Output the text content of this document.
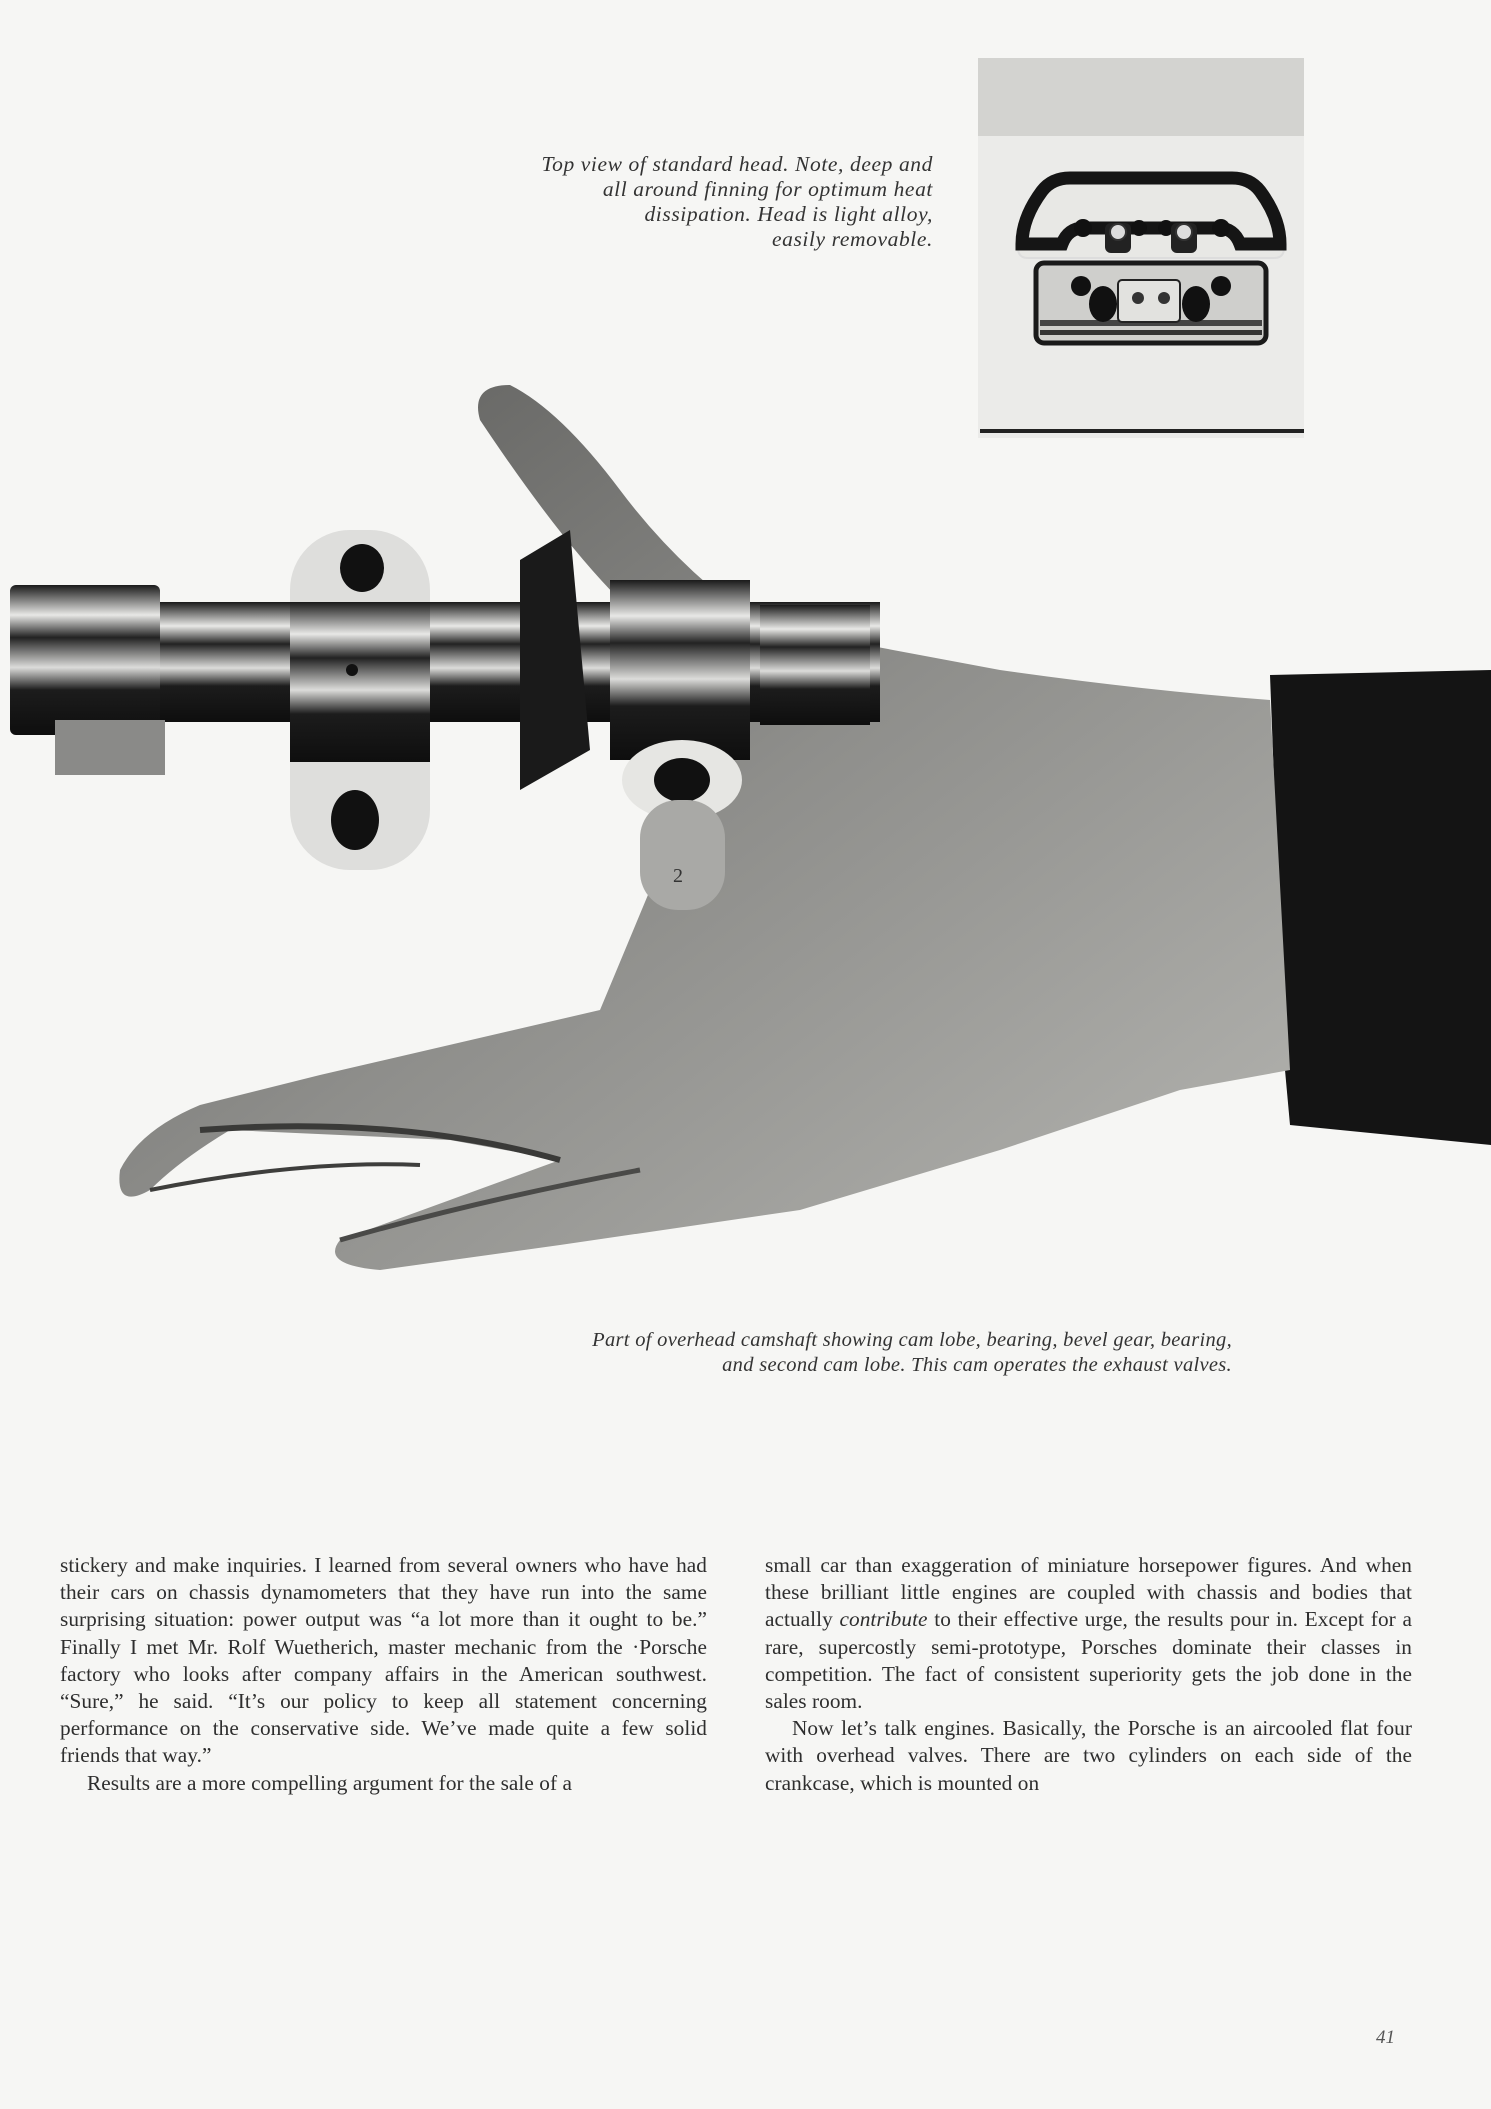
Top view of standard head. Note, deep and
all around finning for optimum heat
dissipation. Head is light alloy,
easily removable.
2
Part of overhead camshaft showing cam lobe, bearing, bevel gear, bearing,
and second cam lobe. This cam operates the exhaust valves.

stickery and make inquiries. I learned from several owners who have had their cars on chassis dynamometers that they have run into the same surprising situation: power output was “a lot more than it ought to be.” Finally I met Mr. Rolf Wuetherich, master mechanic from the ·Porsche factory who looks after company affairs in the American southwest. “Sure,” he said. “It’s our policy to keep all statement concerning performance on the conservative side. We’ve made quite a few solid friends that way.”

Results are a more compelling argument for the sale of a

small car than exaggeration of miniature horsepower figures. And when these brilliant little engines are coupled with chassis and bodies that actually contribute to their effective urge, the results pour in. Except for a rare, supercostly semi-prototype, Porsches dominate their classes in competition. The fact of consistent superiority gets the job done in the sales room.

Now let’s talk engines. Basically, the Porsche is an aircooled flat four with overhead valves. There are two cylinders on each side of the crankcase, which is mounted on

41
